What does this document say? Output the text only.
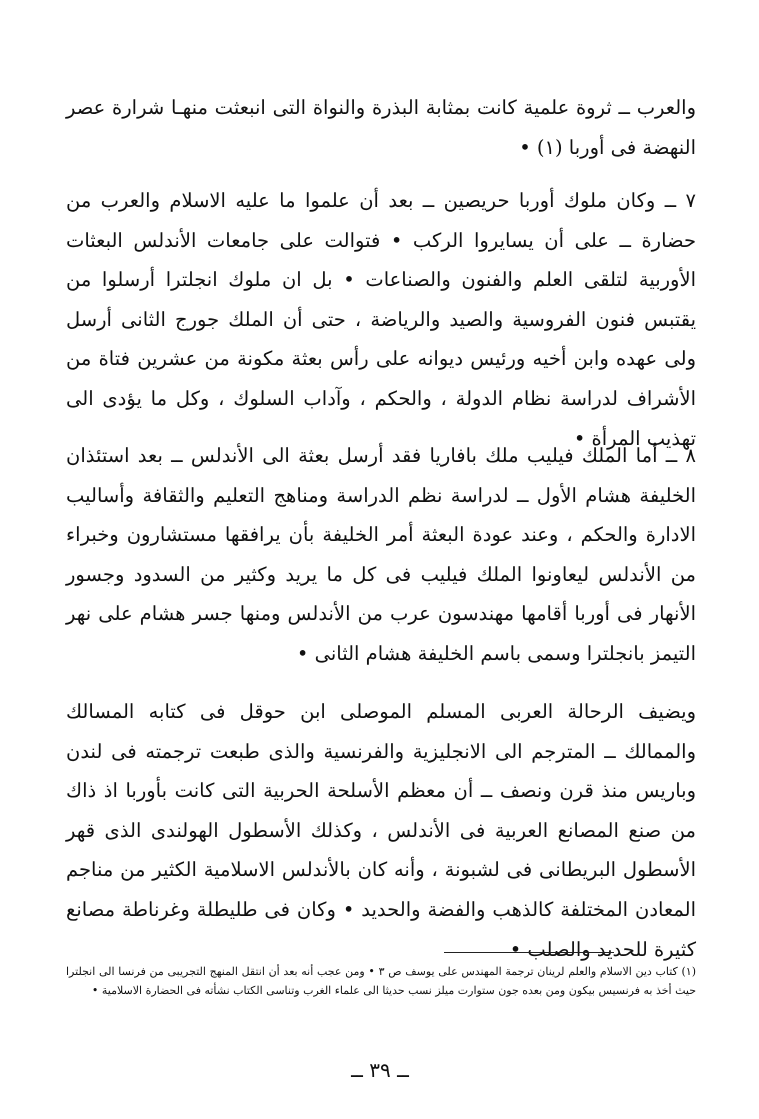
والعرب ــ ثروة علمية كانت بمثابة البذرة والنواة التى انبعثت منهـا شرارة عصر النهضة فى أوربا (١) •

٧ ــ وكان ملوك أوربا حريصين ــ بعد أن علموا ما عليه الاسلام والعرب من حضارة ــ على أن يسايروا الركب • فتوالت على جامعات الأندلس البعثات الأوربية لتلقى العلم والفنون والصناعات • بل ان ملوك انجلترا أرسلوا من يقتبس فنون الفروسية والصيد والرياضة ، حتى أن الملك جورج الثانى أرسل ولى عهده وابن أخيه ورئيس ديوانه على رأس بعثة مكونة من عشرين فتاة من الأشراف لدراسة نظام الدولة ، والحكم ، وآداب السلوك ، وكل ما يؤدى الى تهذيب المرأة •

٨ ــ أما الملك فيليب ملك بافاريا فقد أرسل بعثة الى الأندلس ــ بعد استئذان الخليفة هشام الأول ــ لدراسة نظم الدراسة ومناهج التعليم والثقافة وأساليب الادارة والحكم ، وعند عودة البعثة أمر الخليفة بأن يرافقها مستشارون وخبراء من الأندلس ليعاونوا الملك فيليب فى كل ما يريد وكثير من السدود وجسور الأنهار فى أوربا أقامها مهندسون عرب من الأندلس ومنها جسر هشام على نهر التيمز بانجلترا وسمى باسم الخليفة هشام الثانى •

ويضيف الرحالة العربى المسلم الموصلى ابن حوقل فى كتابه المسالك والممالك ــ المترجم الى الانجليزية والفرنسية والذى طبعت ترجمته فى لندن وباريس منذ قرن ونصف ــ أن معظم الأسلحة الحربية التى كانت بأوربا اذ ذاك من صنع المصانع العربية فى الأندلس ، وكذلك الأسطول الهولندى الذى قهر الأسطول البريطانى فى لشبونة ، وأنه كان بالأندلس الاسلامية الكثير من مناجم المعادن المختلفة كالذهب والفضة والحديد • وكان فى طليطلة وغرناطة مصانع كثيرة للحديد والصلب •

(١) كتاب دين الاسلام والعلم لرينان ترجمة المهندس على يوسف ص ٣ • ومن عجب أنه بعد أن انتقل المنهج التجريبى من فرنسا الى انجلترا حيث أخذ به فرنسيس بيكون ومن بعده جون ستوارت ميلز نسب حديثا الى علماء الغرب وتناسى الكتاب نشأته فى الحضارة الاسلامية •

ــ ٣٩ ــ
